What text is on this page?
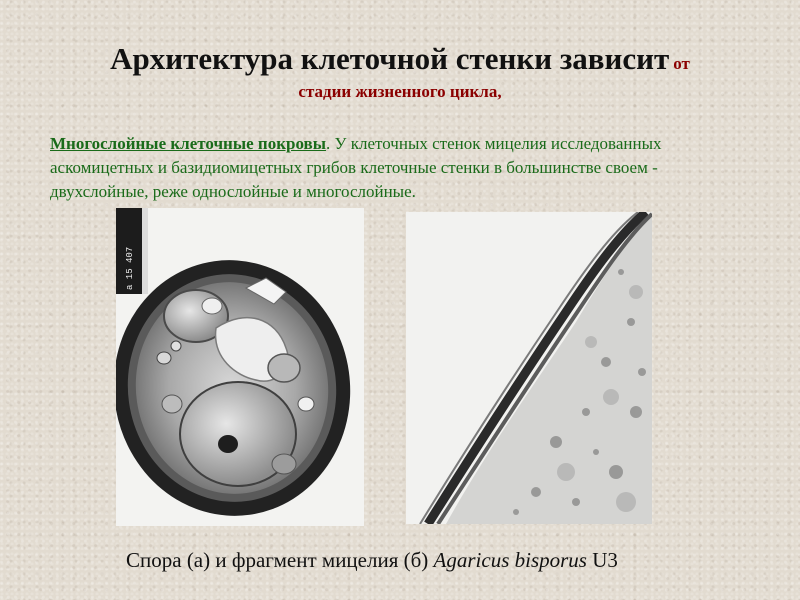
Архитектура клеточной стенки зависит от
стадии жизненного цикла,
Многослойные клеточные покровы. У клеточных стенок мицелия исследованных аскомицетных и базидиомицетных грибов клеточные стенки в большинстве своем - двухслойные, реже однослойные и многослойные.
а 15 407
Спора (а) и фрагмент мицелия (б) Agaricus bisporus U3
